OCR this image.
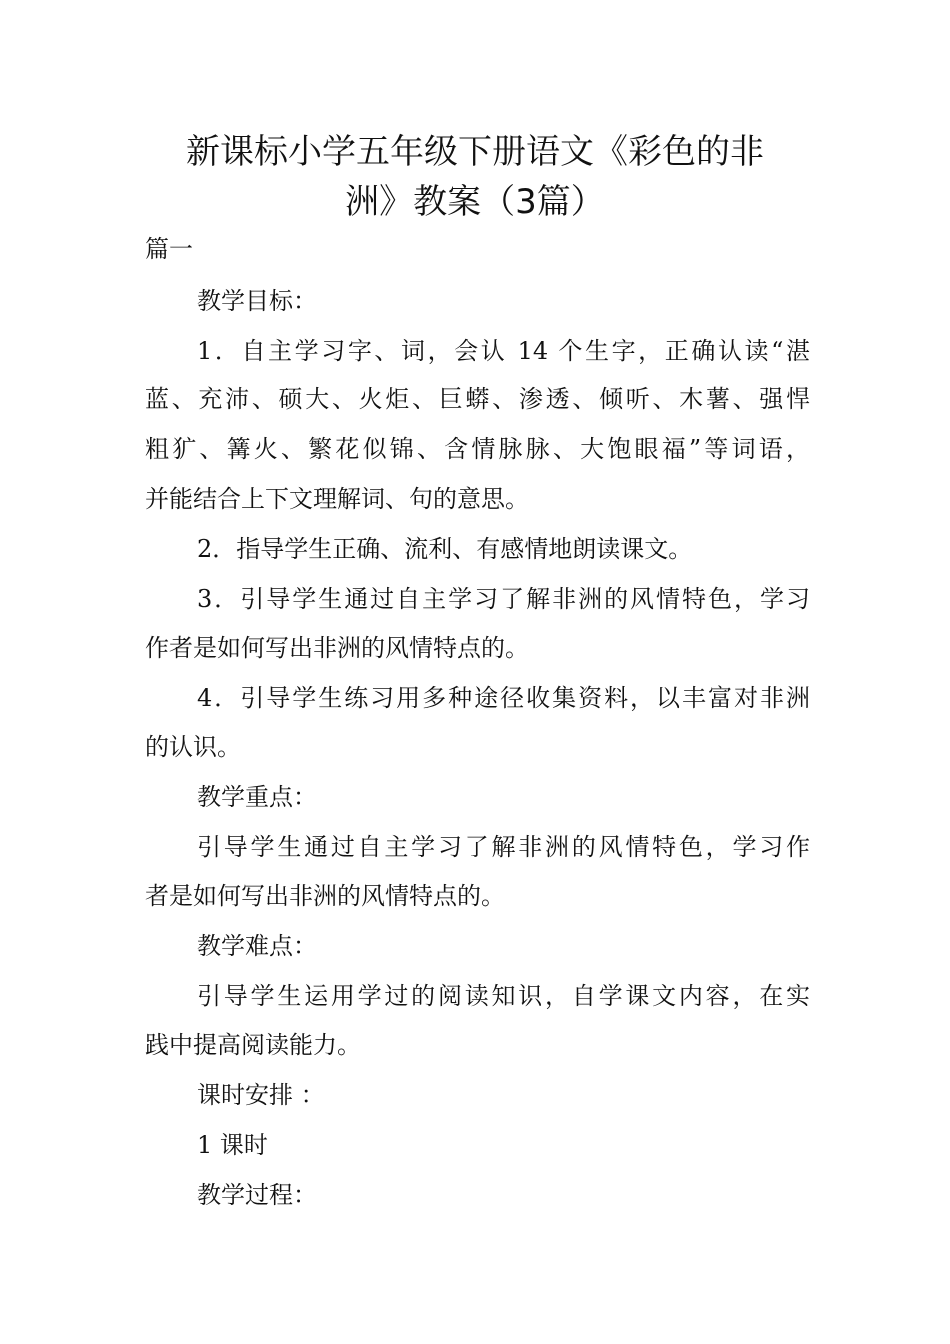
新课标小学五年级下册语文《彩色的非
洲》教案（3篇）

篇一

教学目标：

1．自主学习字、词，会认 14 个生字，正确认读“湛

蓝、充沛、硕大、火炬、巨蟒、渗透、倾听、木薯、强悍

粗犷、篝火、繁花似锦、含情脉脉、大饱眼福”等词语，

并能结合上下文理解词、句的意思。

2．指导学生正确、流利、有感情地朗读课文。

3．引导学生通过自主学习了解非洲的风情特色，学习

作者是如何写出非洲的风情特点的。

4．引导学生练习用多种途径收集资料，以丰富对非洲

的认识。

教学重点：

引导学生通过自主学习了解非洲的风情特色，学习作

者是如何写出非洲的风情特点的。

教学难点：

引导学生运用学过的阅读知识，自学课文内容，在实

践中提高阅读能力。

课时安排 ：

1 课时

教学过程：
